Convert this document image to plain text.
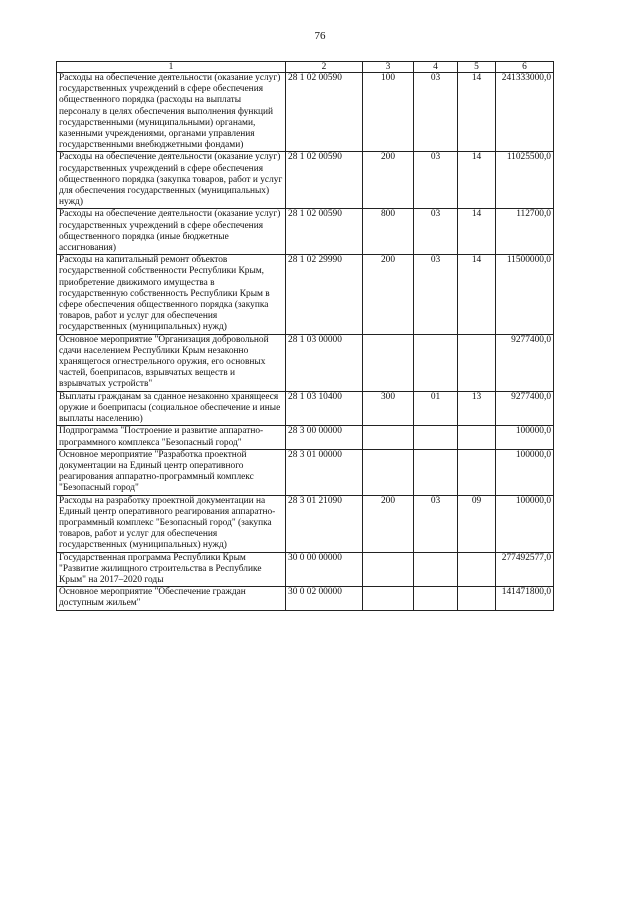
76
1	2	3	4	5	6
Расходы на обеспечение деятельности (оказание услуг) государственных учреждений в сфере обеспечения общественного порядка (расходы на выплаты персоналу в целях обеспечения выполнения функций государственными (муниципальными) органами, казенными учреждениями, органами управления государственными внебюджетными фондами)	28 1 02 00590	100	03	14	241333000,0
Расходы на обеспечение деятельности (оказание услуг) государственных учреждений в сфере обеспечения общественного порядка (закупка товаров, работ и услуг для обеспечения государственных (муниципальных) нужд)	28 1 02 00590	200	03	14	11025500,0
Расходы на обеспечение деятельности (оказание услуг) государственных учреждений в сфере обеспечения общественного порядка (иные бюджетные ассигнования)	28 1 02 00590	800	03	14	112700,0
Расходы на капитальный ремонт объектов государственной собственности Республики Крым, приобретение движимого имущества в государственную собственность Республики Крым в сфере обеспечения общественного порядка (закупка товаров, работ и услуг для обеспечения государственных (муниципальных) нужд)	28 1 02 29990	200	03	14	11500000,0
Основное мероприятие "Организация добровольной сдачи населением Республики Крым незаконно хранящегося огнестрельного оружия, его основных частей, боеприпасов, взрывчатых веществ и взрывчатых устройств"	28 1 03 00000				9277400,0
Выплаты гражданам за сданное незаконно хранящееся оружие и боеприпасы (социальное обеспечение и иные выплаты населению)	28 1 03 10400	300	01	13	9277400,0
Подпрограмма "Построение и развитие аппаратно-программного комплекса "Безопасный город"	28 3 00 00000				100000,0
Основное мероприятие "Разработка проектной документации на Единый центр оперативного реагирования аппаратно-программный комплекс "Безопасный город"	28 3 01 00000				100000,0
Расходы на разработку проектной документации на Единый центр оперативного реагирования аппаратно-программный комплекс "Безопасный город" (закупка товаров, работ и услуг для обеспечения государственных (муниципальных) нужд)	28 3 01 21090	200	03	09	100000,0
Государственная программа Республики Крым "Развитие жилищного строительства в Республике Крым" на 2017–2020 годы	30 0 00 00000				277492577,0
Основное мероприятие "Обеспечение граждан доступным жильем"	30 0 02 00000				141471800,0
